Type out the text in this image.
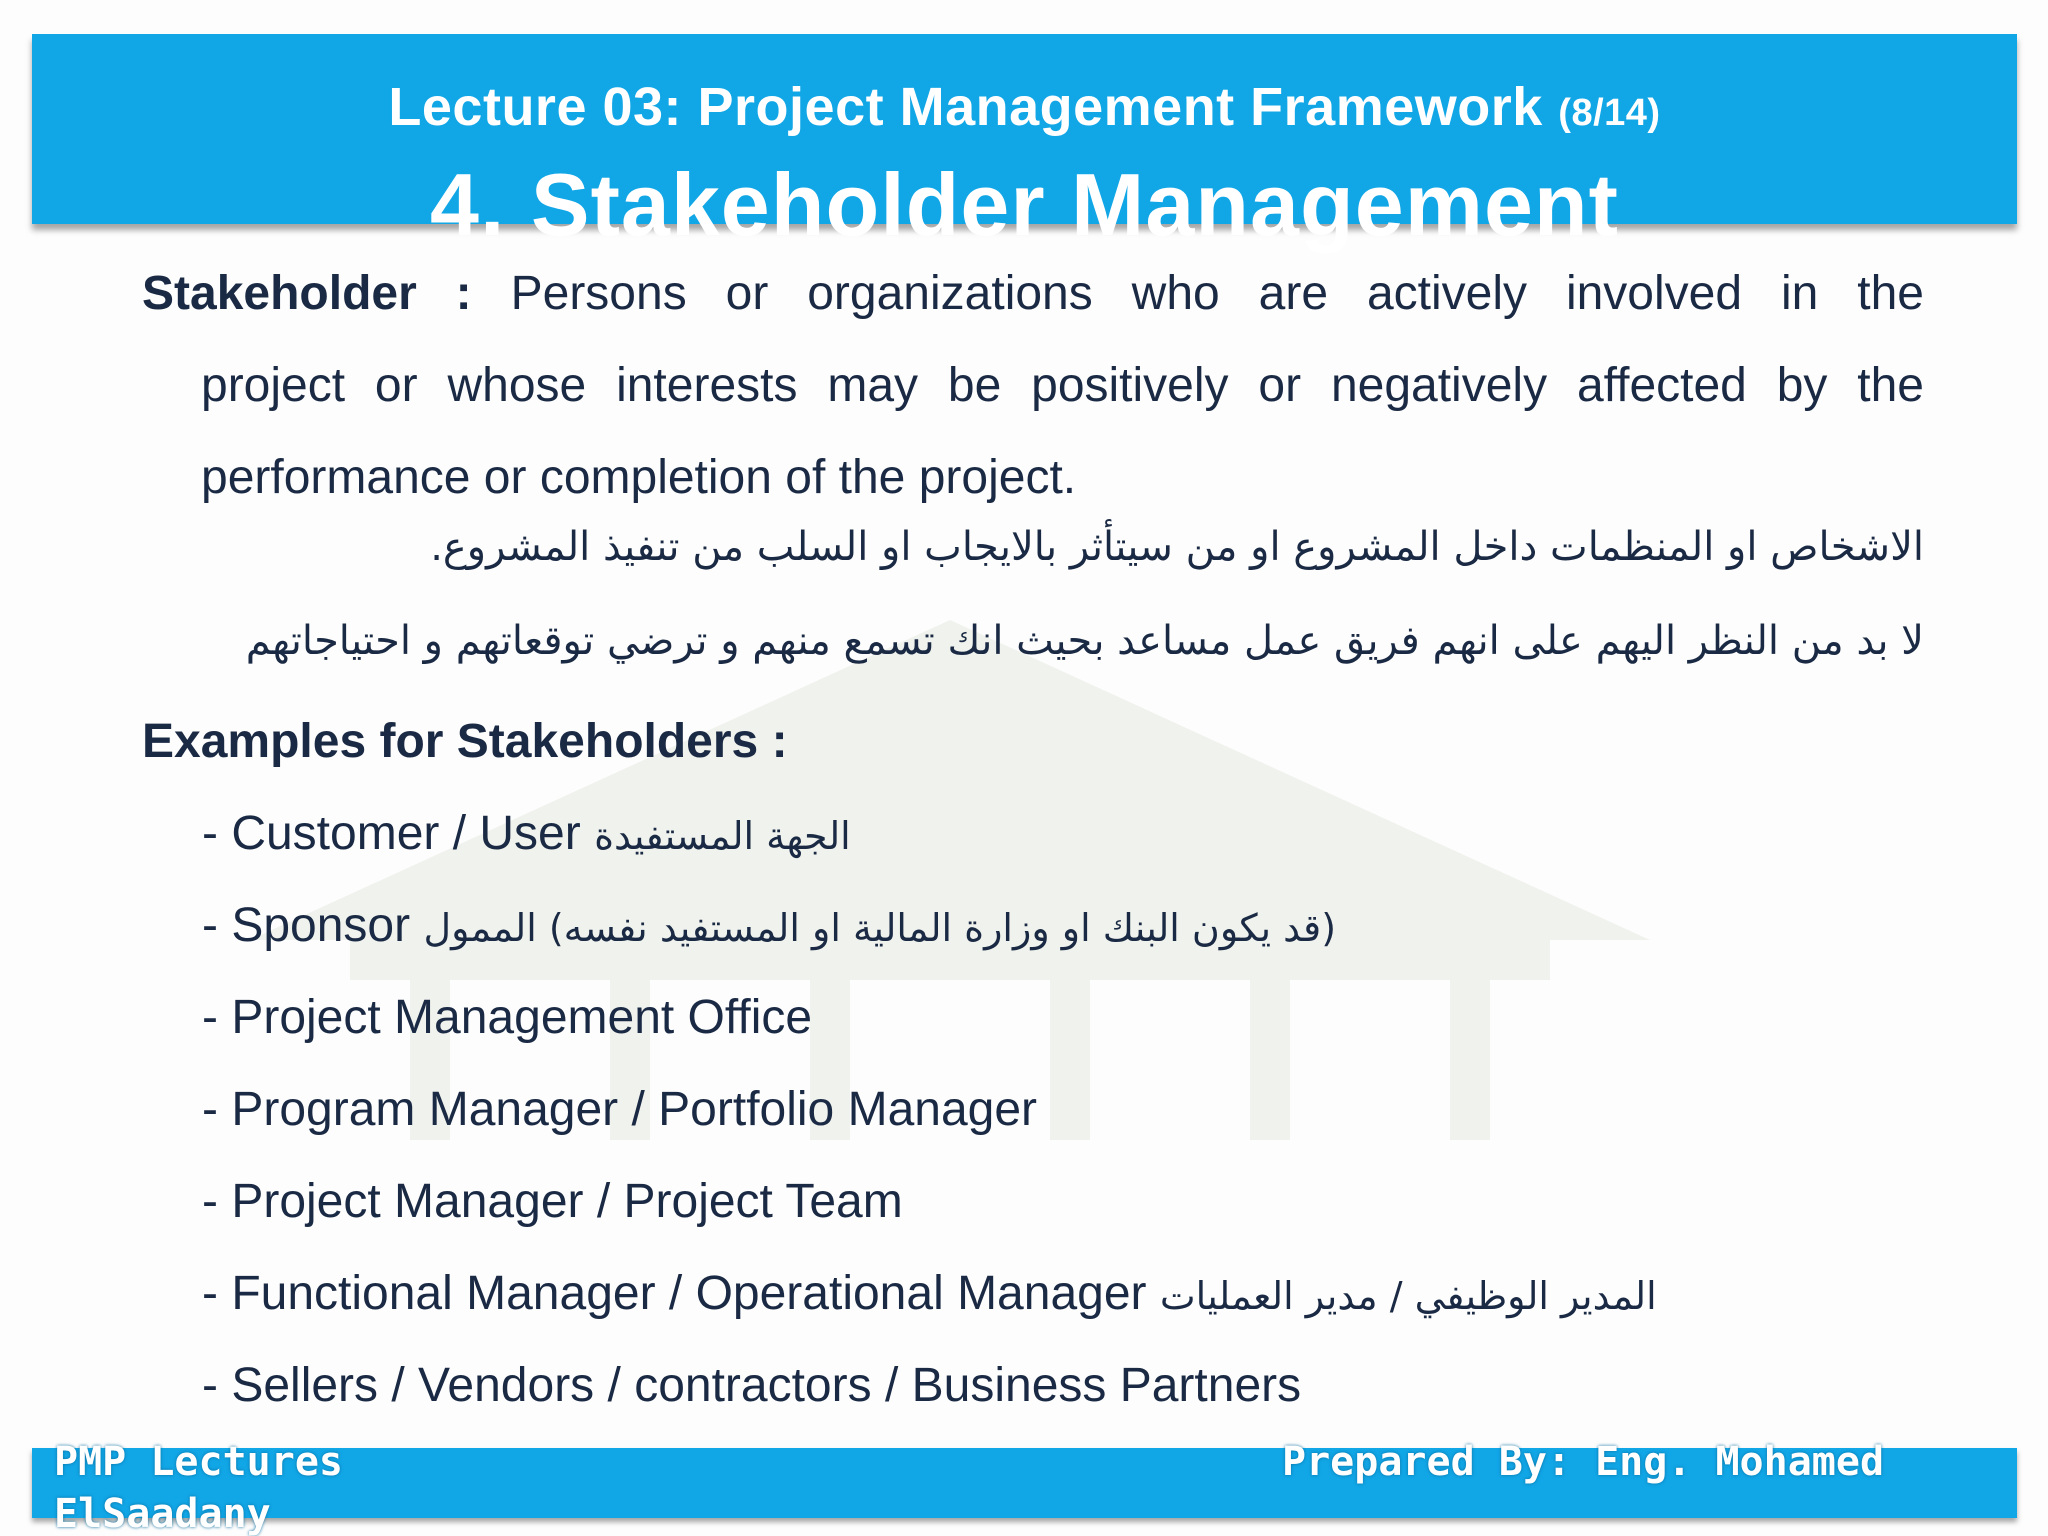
Lecture 03: Project Management Framework (8/14)
4. Stakeholder Management
Stakeholder : Persons or organizations who are actively involved in the
project or whose interests may be positively or negatively affected by the
performance or completion of the project.
الاشخاص او المنظمات داخل المشروع او من سيتأثر بالايجاب او السلب من تنفيذ المشروع.
لا بد من النظر اليهم على انهم فريق عمل مساعد بحيث انك تسمع منهم و ترضي توقعاتهم و احتياجاتهم
Examples for Stakeholders :
- Customer / User الجهة المستفيدة
- Sponsor (قد يكون البنك او وزارة المالية او المستفيد نفسه) الممول
- Project Management Office
- Program Manager / Portfolio Manager
- Project Manager / Project Team
- Functional Manager / Operational Manager المدير الوظيفي / مدير العمليات
- Sellers / Vendors / contractors / Business Partners
PMP Lectures ElSaadany
Prepared By: Eng. Mohamed
